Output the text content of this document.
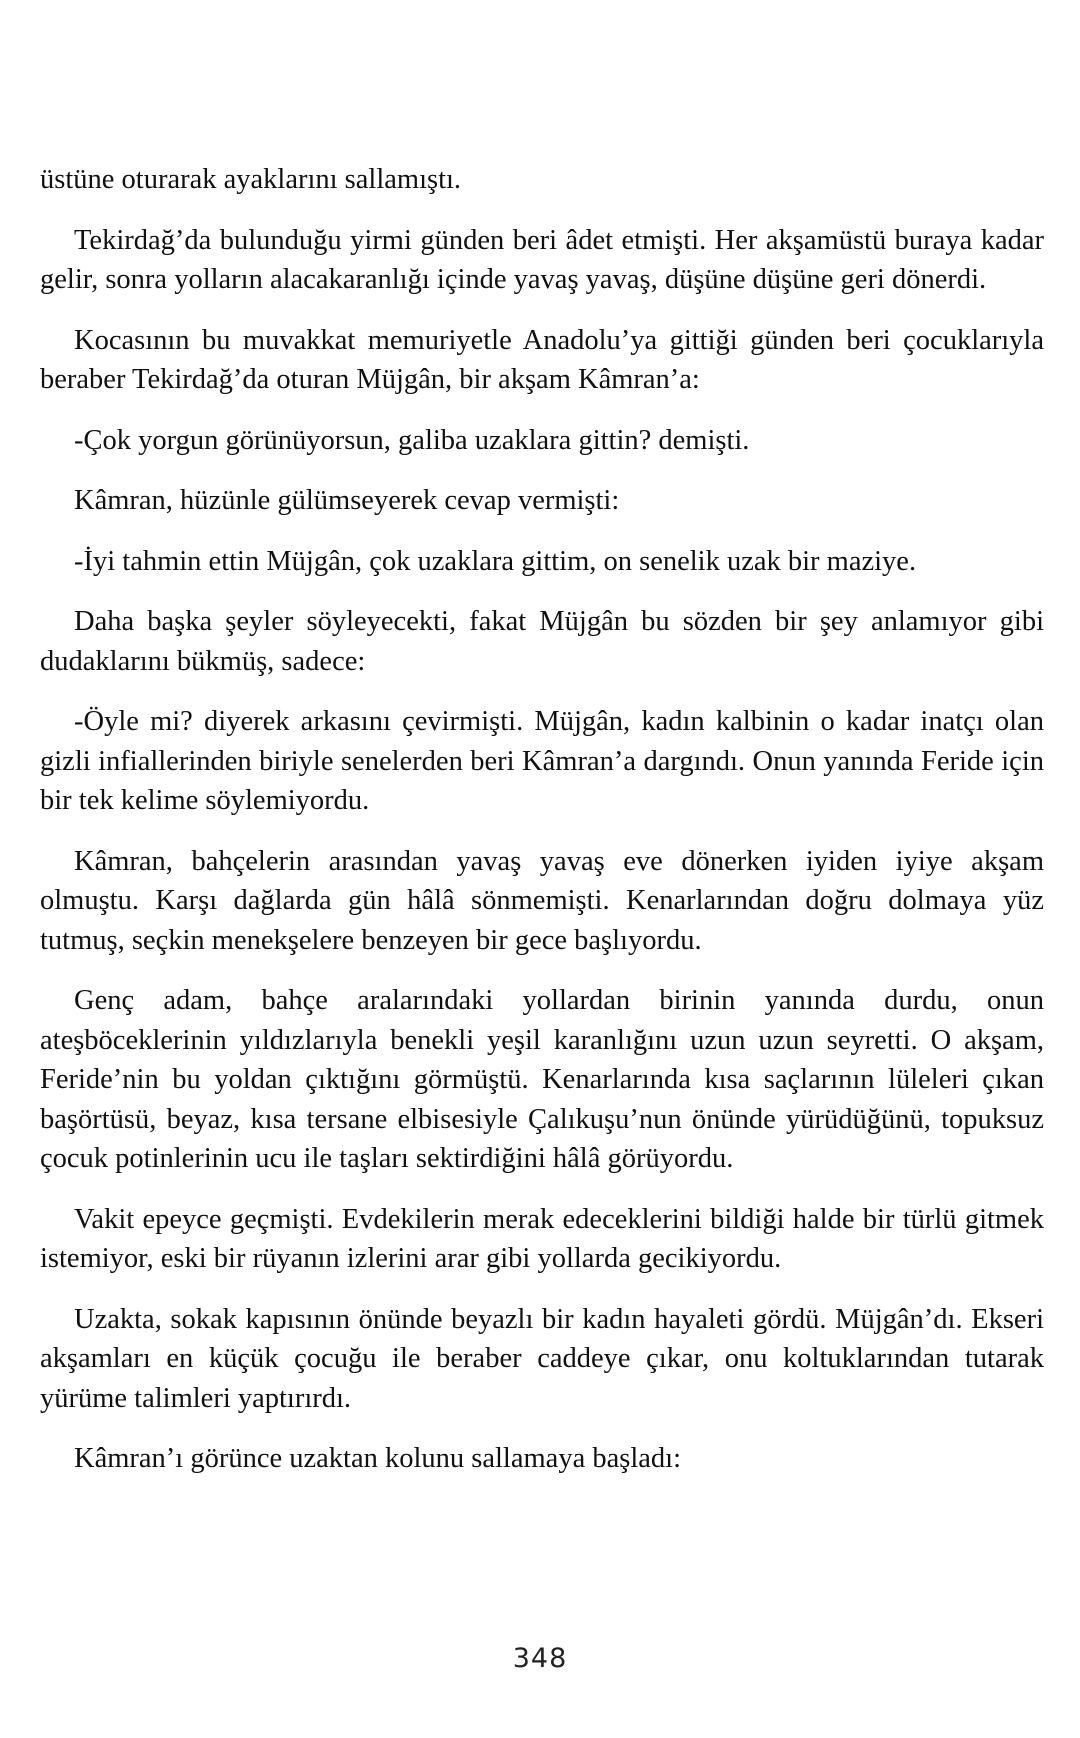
üstüne oturarak ayaklarını sallamıştı.

Tekirdağ’da bulunduğu yirmi günden beri âdet etmişti. Her akşamüstü buraya kadar gelir, sonra yolların alacakaranlığı içinde yavaş yavaş, düşüne düşüne geri dönerdi.

Kocasının bu muvakkat memuriyetle Anadolu’ya gittiği günden beri çocuklarıyla beraber Tekirdağ’da oturan Müjgân, bir akşam Kâmran’a:

-Çok yorgun görünüyorsun, galiba uzaklara gittin? demişti.

Kâmran, hüzünle gülümseyerek cevap vermişti:

-İyi tahmin ettin Müjgân, çok uzaklara gittim, on senelik uzak bir maziye.

Daha başka şeyler söyleyecekti, fakat Müjgân bu sözden bir şey anlamıyor gibi dudaklarını bükmüş, sadece:

-Öyle mi? diyerek arkasını çevirmişti. Müjgân, kadın kalbinin o kadar inatçı olan gizli infiallerinden biriyle senelerden beri Kâmran’a dargındı. Onun yanında Feride için bir tek kelime söylemiyordu.

Kâmran, bahçelerin arasından yavaş yavaş eve dönerken iyiden iyiye akşam olmuştu. Karşı dağlarda gün hâlâ sönmemişti. Kenarlarından doğru dolmaya yüz tutmuş, seçkin menekşelere benzeyen bir gece başlıyordu.

Genç adam, bahçe aralarındaki yollardan birinin yanında durdu, onun ateşböceklerinin yıldızlarıyla benekli yeşil karanlığını uzun uzun seyretti. O akşam, Feride’nin bu yoldan çıktığını görmüştü. Kenarlarında kısa saçlarının lüleleri çıkan başörtüsü, beyaz, kısa tersane elbisesiyle Çalıkuşu’nun önünde yürüdüğünü, topuksuz çocuk potinlerinin ucu ile taşları sektirdiğini hâlâ görüyordu.

Vakit epeyce geçmişti. Evdekilerin merak edeceklerini bildiği halde bir türlü gitmek istemiyor, eski bir rüyanın izlerini arar gibi yollarda gecikiyordu.

Uzakta, sokak kapısının önünde beyazlı bir kadın hayaleti gördü. Müjgân’dı. Ekseri akşamları en küçük çocuğu ile beraber caddeye çıkar, onu koltuklarından tutarak yürüme talimleri yaptırırdı.

Kâmran’ı görünce uzaktan kolunu sallamaya başladı:

348
